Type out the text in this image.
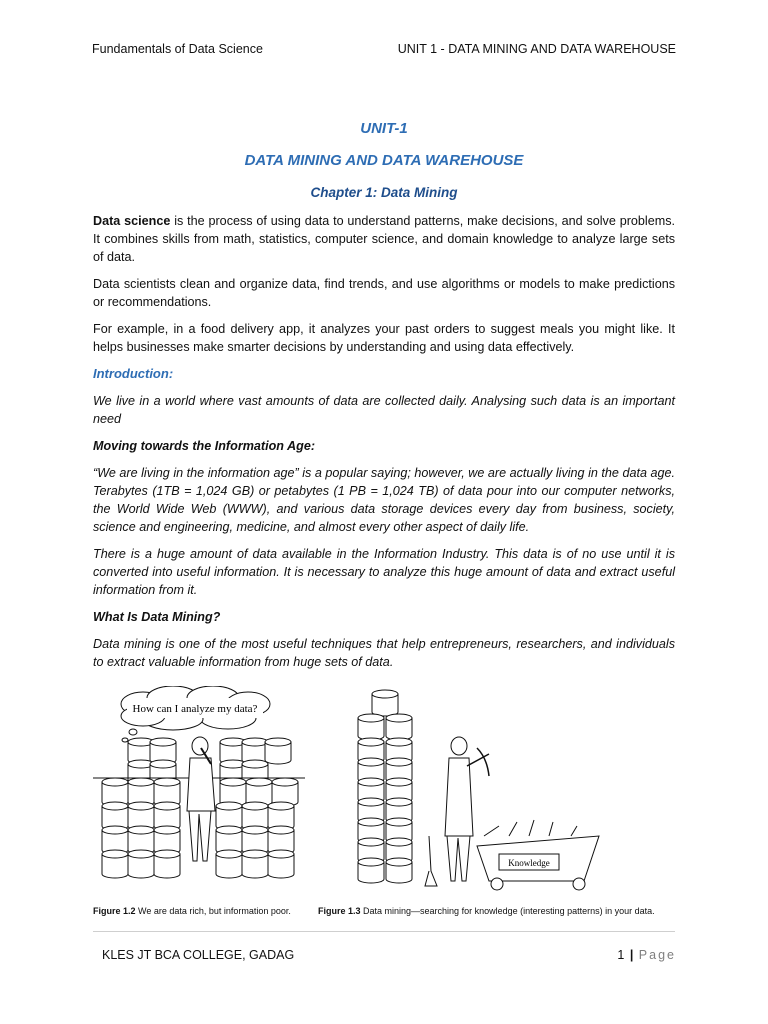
Fundamentals of Data Science	UNIT 1 - DATA MINING AND DATA WAREHOUSE
UNIT-1
DATA MINING AND DATA WAREHOUSE
Chapter 1: Data Mining

Data science is the process of using data to understand patterns, make decisions, and solve problems. It combines skills from math, statistics, computer science, and domain knowledge to analyze large sets of data.

Data scientists clean and organize data, find trends, and use algorithms or models to make predictions or recommendations.

For example, in a food delivery app, it analyzes your past orders to suggest meals you might like. It helps businesses make smarter decisions by understanding and using data effectively.

Introduction:

We live in a world where vast amounts of data are collected daily. Analysing such data is an important need

Moving towards the Information Age:

“We are living in the information age” is a popular saying; however, we are actually living in the data age. Terabytes (1TB = 1,024 GB) or petabytes (1 PB = 1,024 TB) of data pour into our computer networks, the World Wide Web (WWW), and various data storage devices every day from business, society, science and engineering, medicine, and almost every other aspect of daily life.

There is a huge amount of data available in the Information Industry. This data is of no use until it is converted into useful information. It is necessary to analyze this huge amount of data and extract useful information from it.

What Is Data Mining?

Data mining is one of the most useful techniques that help entrepreneurs, researchers, and individuals to extract valuable information from huge sets of data.

How can I analyze my data?
Knowledge
Figure 1.2 We are data rich, but information poor.	Figure 1.3 Data mining—searching for knowledge (interesting patterns) in your data.
KLES JT BCA COLLEGE, GADAG	1 | Page
